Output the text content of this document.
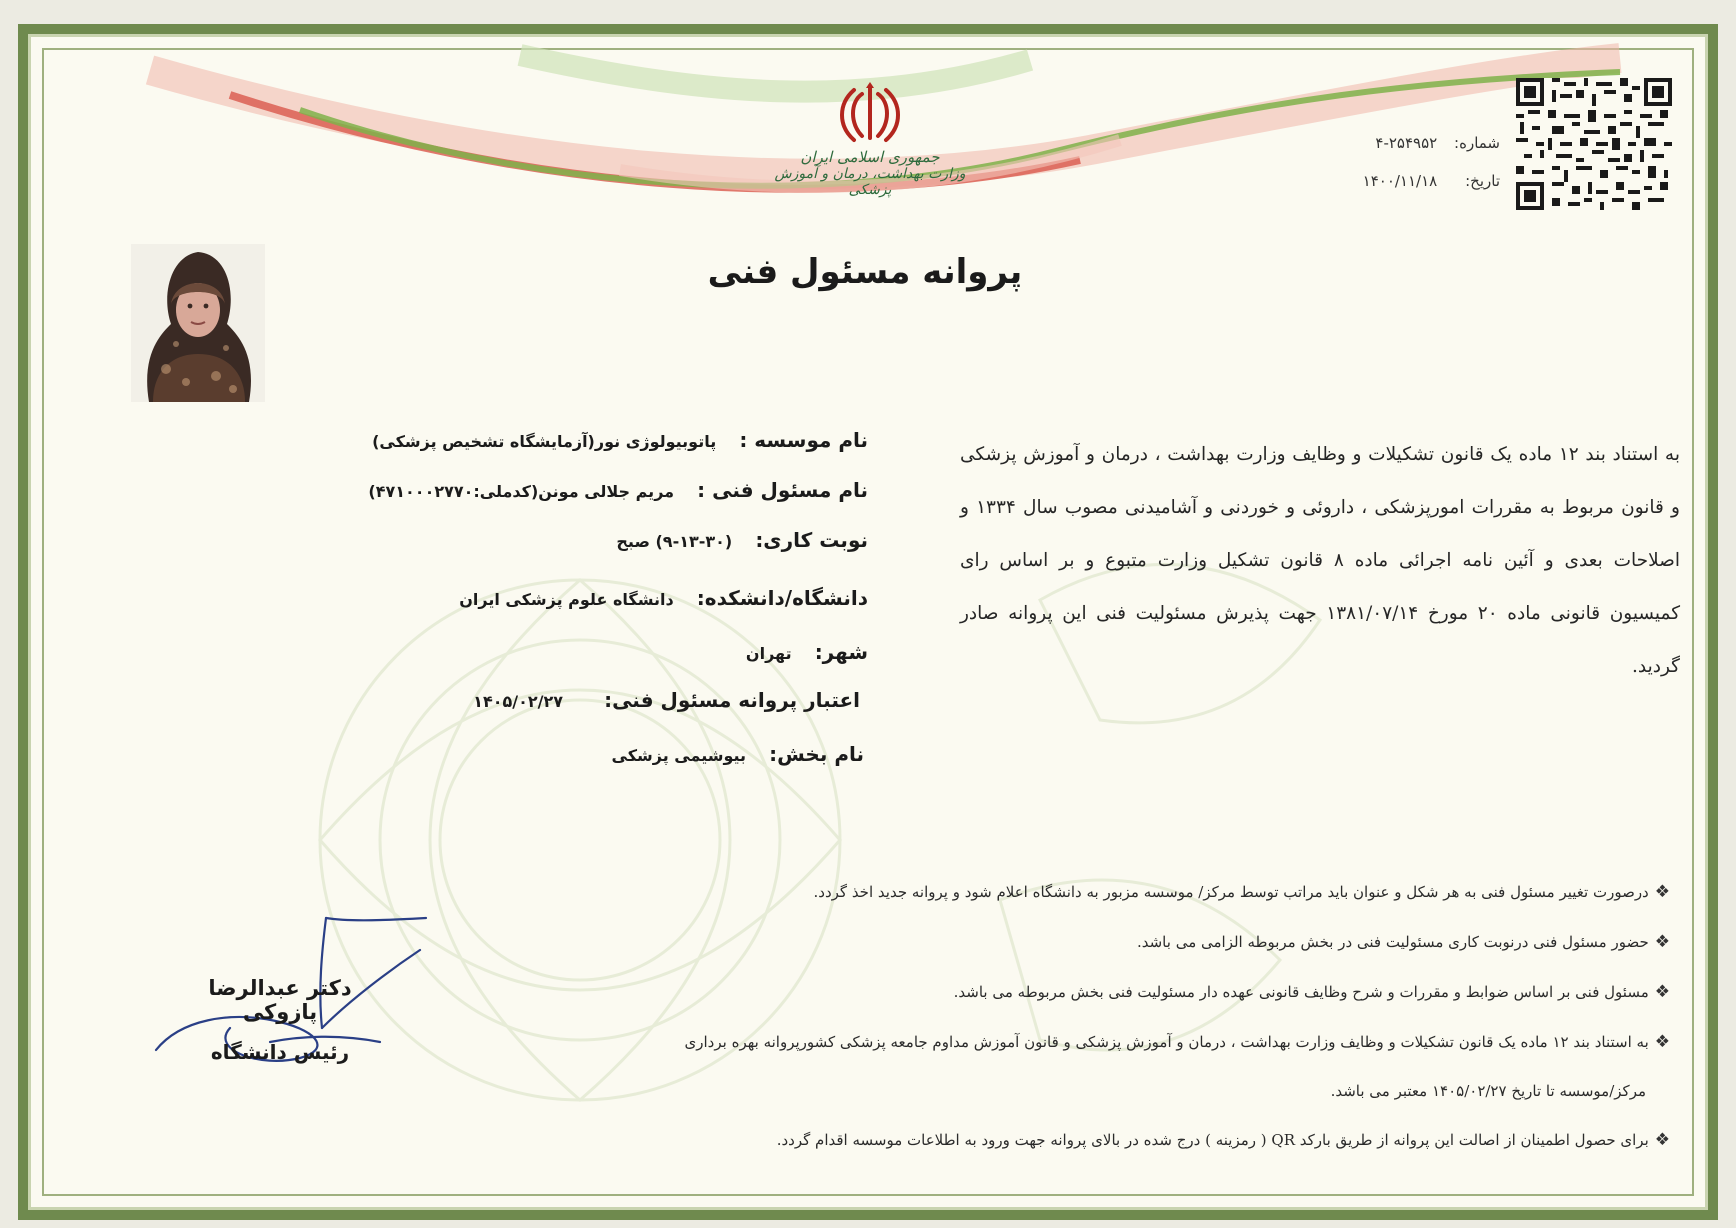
جمهوری اسلامی ایران
وزارت بهداشت، درمان و آموزش پزشکی
شماره: ۴-۲۵۴۹۵۲
تاریخ: ۱۴۰۰/۱۱/۱۸
پروانه مسئول فنی
به استناد بند ۱۲ ماده یک قانون تشکیلات و وظایف وزارت بهداشت ، درمان و آموزش پزشکی و قانون مربوط به مقررات امورپزشکی ، داروئی و خوردنی و آشامیدنی مصوب سال ۱۳۳۴ و اصلاحات بعدی و آئین نامه اجرائی ماده ۸ قانون تشکیل وزارت متبوع و بر اساس رای کمیسیون قانونی ماده ۲۰ مورخ ۱۳۸۱/۰۷/۱۴ جهت پذیرش مسئولیت فنی این پروانه صادر گردید.
نام موسسه : پاتوبیولوژی نور(آزمایشگاه تشخیص پزشکی)
نام مسئول فنی : مریم جلالی مونن(کدملی:۴۷۱۰۰۰۲۷۷۰)
نوبت کاری: (۳۰-۱۳-۹) صبح
دانشگاه/دانشکده: دانشگاه علوم پزشکی ایران
شهر: تهران
اعتبار پروانه مسئول فنی: ۱۴۰۵/۰۲/۲۷
نام بخش: بیوشیمی پزشکی
❖درصورت تغییر مسئول فنی به هر شکل و عنوان باید مراتب توسط مرکز/ موسسه مزبور به دانشگاه اعلام شود و پروانه جدید اخذ گردد.
❖حضور مسئول فنی درنوبت کاری مسئولیت فنی در بخش مربوطه الزامی می باشد.
❖مسئول فنی بر اساس ضوابط و مقررات و شرح وظایف قانونی عهده دار مسئولیت فنی بخش مربوطه می باشد.
❖به استناد بند ۱۲ ماده یک قانون تشکیلات و وظایف وزارت بهداشت ، درمان و آموزش پزشکی و قانون آموزش مداوم جامعه پزشکی کشورپروانه بهره برداری
مرکز/موسسه تا تاریخ ۱۴۰۵/۰۲/۲۷ معتبر می باشد.
❖برای حصول اطمینان از اصالت این پروانه از طریق بارکد QR ( رمزینه ) درج شده در بالای پروانه جهت ورود به اطلاعات موسسه اقدام گردد.
دکتر عبدالرضا پازوکی
رئیس دانشگاه
